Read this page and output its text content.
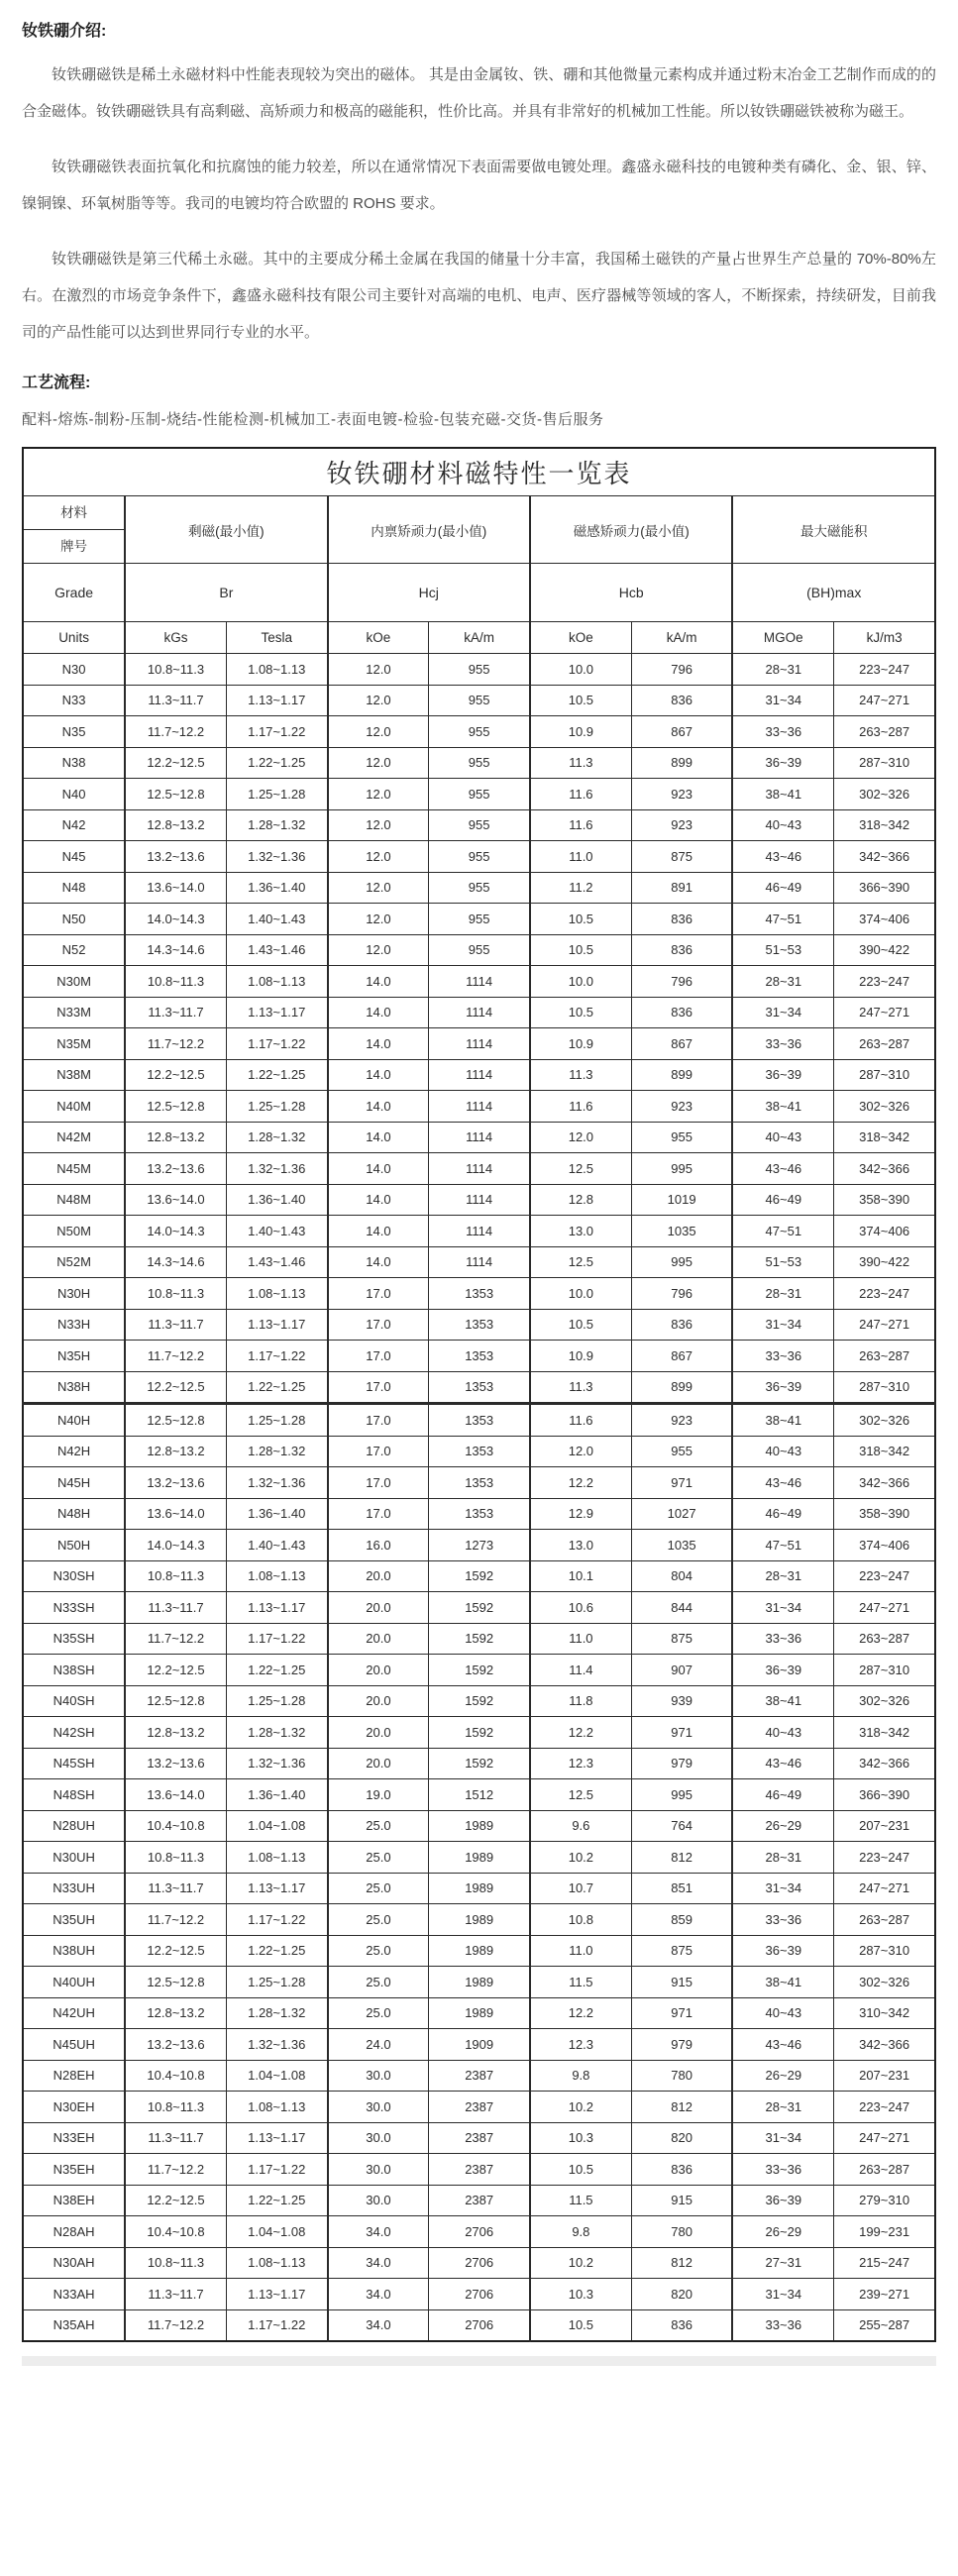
钕铁硼介绍:

钕铁硼磁铁是稀土永磁材料中性能表现较为突出的磁体。 其是由金属钕、铁、硼和其他微量元素构成并通过粉末冶金工艺制作而成的的合金磁体。钕铁硼磁铁具有高剩磁、高矫顽力和极高的磁能积，性价比高。并具有非常好的机械加工性能。所以钕铁硼磁铁被称为磁王。

钕铁硼磁铁表面抗氧化和抗腐蚀的能力较差，所以在通常情况下表面需要做电镀处理。鑫盛永磁科技的电镀种类有磷化、金、银、锌、镍铜镍、环氧树脂等等。我司的电镀均符合欧盟的 ROHS 要求。

钕铁硼磁铁是第三代稀土永磁。其中的主要成分稀土金属在我国的储量十分丰富，我国稀土磁铁的产量占世界生产总量的 70%-80%左右。在激烈的市场竞争条件下，鑫盛永磁科技有限公司主要针对高端的电机、电声、医疗器械等领域的客人，不断探索，持续研发，目前我司的产品性能可以达到世界同行专业的水平。

工艺流程:
配料-熔炼-制粉-压制-烧结-性能检测-机械加工-表面电镀-检验-包装充磁-交货-售后服务
钕铁硼材料磁特性一览表								

材料
牌号	剩磁(最小值)		内禀矫顽力(最小值)		磁感矫顽力(最小值)		最大磁能积	
Grade	Br		Hcj		Hcb		(BH)max	
Units	kGs	Tesla	kOe	kA/m	kOe	kA/m	MGOe	kJ/m3
N30	10.8~11.3	1.08~1.13	12.0	955	10.0	796	28~31	223~247
N33	11.3~11.7	1.13~1.17	12.0	955	10.5	836	31~34	247~271
N35	11.7~12.2	1.17~1.22	12.0	955	10.9	867	33~36	263~287
N38	12.2~12.5	1.22~1.25	12.0	955	11.3	899	36~39	287~310
N40	12.5~12.8	1.25~1.28	12.0	955	11.6	923	38~41	302~326
N42	12.8~13.2	1.28~1.32	12.0	955	11.6	923	40~43	318~342
N45	13.2~13.6	1.32~1.36	12.0	955	11.0	875	43~46	342~366
N48	13.6~14.0	1.36~1.40	12.0	955	11.2	891	46~49	366~390
N50	14.0~14.3	1.40~1.43	12.0	955	10.5	836	47~51	374~406
N52	14.3~14.6	1.43~1.46	12.0	955	10.5	836	51~53	390~422
N30M	10.8~11.3	1.08~1.13	14.0	1114	10.0	796	28~31	223~247
N33M	11.3~11.7	1.13~1.17	14.0	1114	10.5	836	31~34	247~271
N35M	11.7~12.2	1.17~1.22	14.0	1114	10.9	867	33~36	263~287
N38M	12.2~12.5	1.22~1.25	14.0	1114	11.3	899	36~39	287~310
N40M	12.5~12.8	1.25~1.28	14.0	1114	11.6	923	38~41	302~326
N42M	12.8~13.2	1.28~1.32	14.0	1114	12.0	955	40~43	318~342
N45M	13.2~13.6	1.32~1.36	14.0	1114	12.5	995	43~46	342~366
N48M	13.6~14.0	1.36~1.40	14.0	1114	12.8	1019	46~49	358~390
N50M	14.0~14.3	1.40~1.43	14.0	1114	13.0	1035	47~51	374~406
N52M	14.3~14.6	1.43~1.46	14.0	1114	12.5	995	51~53	390~422
N30H	10.8~11.3	1.08~1.13	17.0	1353	10.0	796	28~31	223~247
N33H	11.3~11.7	1.13~1.17	17.0	1353	10.5	836	31~34	247~271
N35H	11.7~12.2	1.17~1.22	17.0	1353	10.9	867	33~36	263~287
N38H	12.2~12.5	1.22~1.25	17.0	1353	11.3	899	36~39	287~310
N40H	12.5~12.8	1.25~1.28	17.0	1353	11.6	923	38~41	302~326
N42H	12.8~13.2	1.28~1.32	17.0	1353	12.0	955	40~43	318~342
N45H	13.2~13.6	1.32~1.36	17.0	1353	12.2	971	43~46	342~366
N48H	13.6~14.0	1.36~1.40	17.0	1353	12.9	1027	46~49	358~390
N50H	14.0~14.3	1.40~1.43	16.0	1273	13.0	1035	47~51	374~406
N30SH	10.8~11.3	1.08~1.13	20.0	1592	10.1	804	28~31	223~247
N33SH	11.3~11.7	1.13~1.17	20.0	1592	10.6	844	31~34	247~271
N35SH	11.7~12.2	1.17~1.22	20.0	1592	11.0	875	33~36	263~287
N38SH	12.2~12.5	1.22~1.25	20.0	1592	11.4	907	36~39	287~310
N40SH	12.5~12.8	1.25~1.28	20.0	1592	11.8	939	38~41	302~326
N42SH	12.8~13.2	1.28~1.32	20.0	1592	12.2	971	40~43	318~342
N45SH	13.2~13.6	1.32~1.36	20.0	1592	12.3	979	43~46	342~366
N48SH	13.6~14.0	1.36~1.40	19.0	1512	12.5	995	46~49	366~390
N28UH	10.4~10.8	1.04~1.08	25.0	1989	9.6	764	26~29	207~231
N30UH	10.8~11.3	1.08~1.13	25.0	1989	10.2	812	28~31	223~247
N33UH	11.3~11.7	1.13~1.17	25.0	1989	10.7	851	31~34	247~271
N35UH	11.7~12.2	1.17~1.22	25.0	1989	10.8	859	33~36	263~287
N38UH	12.2~12.5	1.22~1.25	25.0	1989	11.0	875	36~39	287~310
N40UH	12.5~12.8	1.25~1.28	25.0	1989	11.5	915	38~41	302~326
N42UH	12.8~13.2	1.28~1.32	25.0	1989	12.2	971	40~43	310~342
N45UH	13.2~13.6	1.32~1.36	24.0	1909	12.3	979	43~46	342~366
N28EH	10.4~10.8	1.04~1.08	30.0	2387	9.8	780	26~29	207~231
N30EH	10.8~11.3	1.08~1.13	30.0	2387	10.2	812	28~31	223~247
N33EH	11.3~11.7	1.13~1.17	30.0	2387	10.3	820	31~34	247~271
N35EH	11.7~12.2	1.17~1.22	30.0	2387	10.5	836	33~36	263~287
N38EH	12.2~12.5	1.22~1.25	30.0	2387	11.5	915	36~39	279~310
N28AH	10.4~10.8	1.04~1.08	34.0	2706	9.8	780	26~29	199~231
N30AH	10.8~11.3	1.08~1.13	34.0	2706	10.2	812	27~31	215~247
N33AH	11.3~11.7	1.13~1.17	34.0	2706	10.3	820	31~34	239~271
N35AH	11.7~12.2	1.17~1.22	34.0	2706	10.5	836	33~36	255~287
